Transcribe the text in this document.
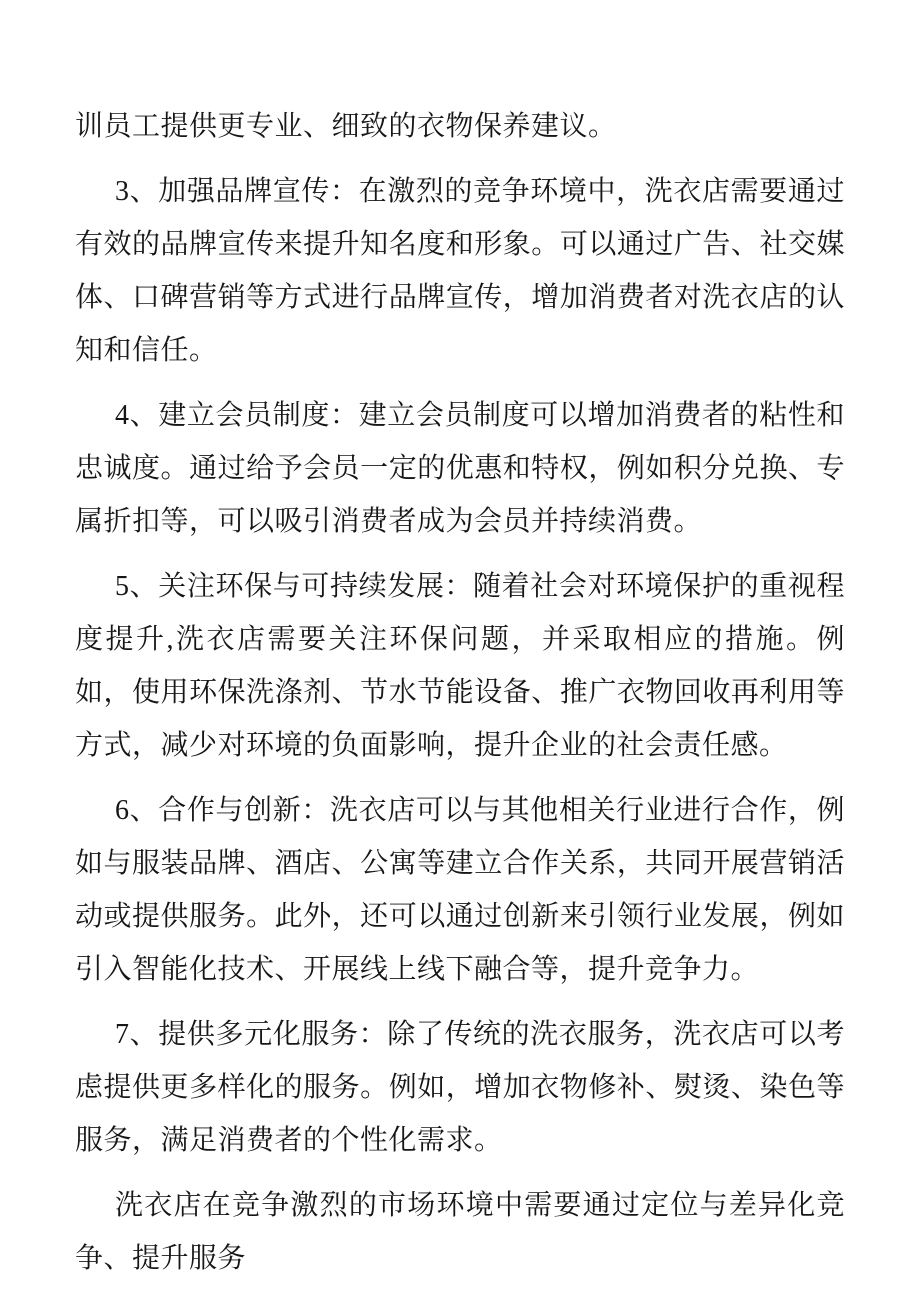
训员工提供更专业、细致的衣物保养建议。

3、加强品牌宣传：在激烈的竞争环境中，洗衣店需要通过有效的品牌宣传来提升知名度和形象。可以通过广告、社交媒体、口碑营销等方式进行品牌宣传，增加消费者对洗衣店的认知和信任。

4、建立会员制度：建立会员制度可以增加消费者的粘性和忠诚度。通过给予会员一定的优惠和特权，例如积分兑换、专属折扣等，可以吸引消费者成为会员并持续消费。

5、关注环保与可持续发展：随着社会对环境保护的重视程度提升,洗衣店需要关注环保问题，并采取相应的措施。例如，使用环保洗涤剂、节水节能设备、推广衣物回收再利用等方式，减少对环境的负面影响，提升企业的社会责任感。

6、合作与创新：洗衣店可以与其他相关行业进行合作，例如与服装品牌、酒店、公寓等建立合作关系，共同开展营销活动或提供服务。此外，还可以通过创新来引领行业发展，例如引入智能化技术、开展线上线下融合等，提升竞争力。

7、提供多元化服务：除了传统的洗衣服务，洗衣店可以考虑提供更多样化的服务。例如，增加衣物修补、熨烫、染色等服务，满足消费者的个性化需求。

洗衣店在竞争激烈的市场环境中需要通过定位与差异化竞争、提升服务
